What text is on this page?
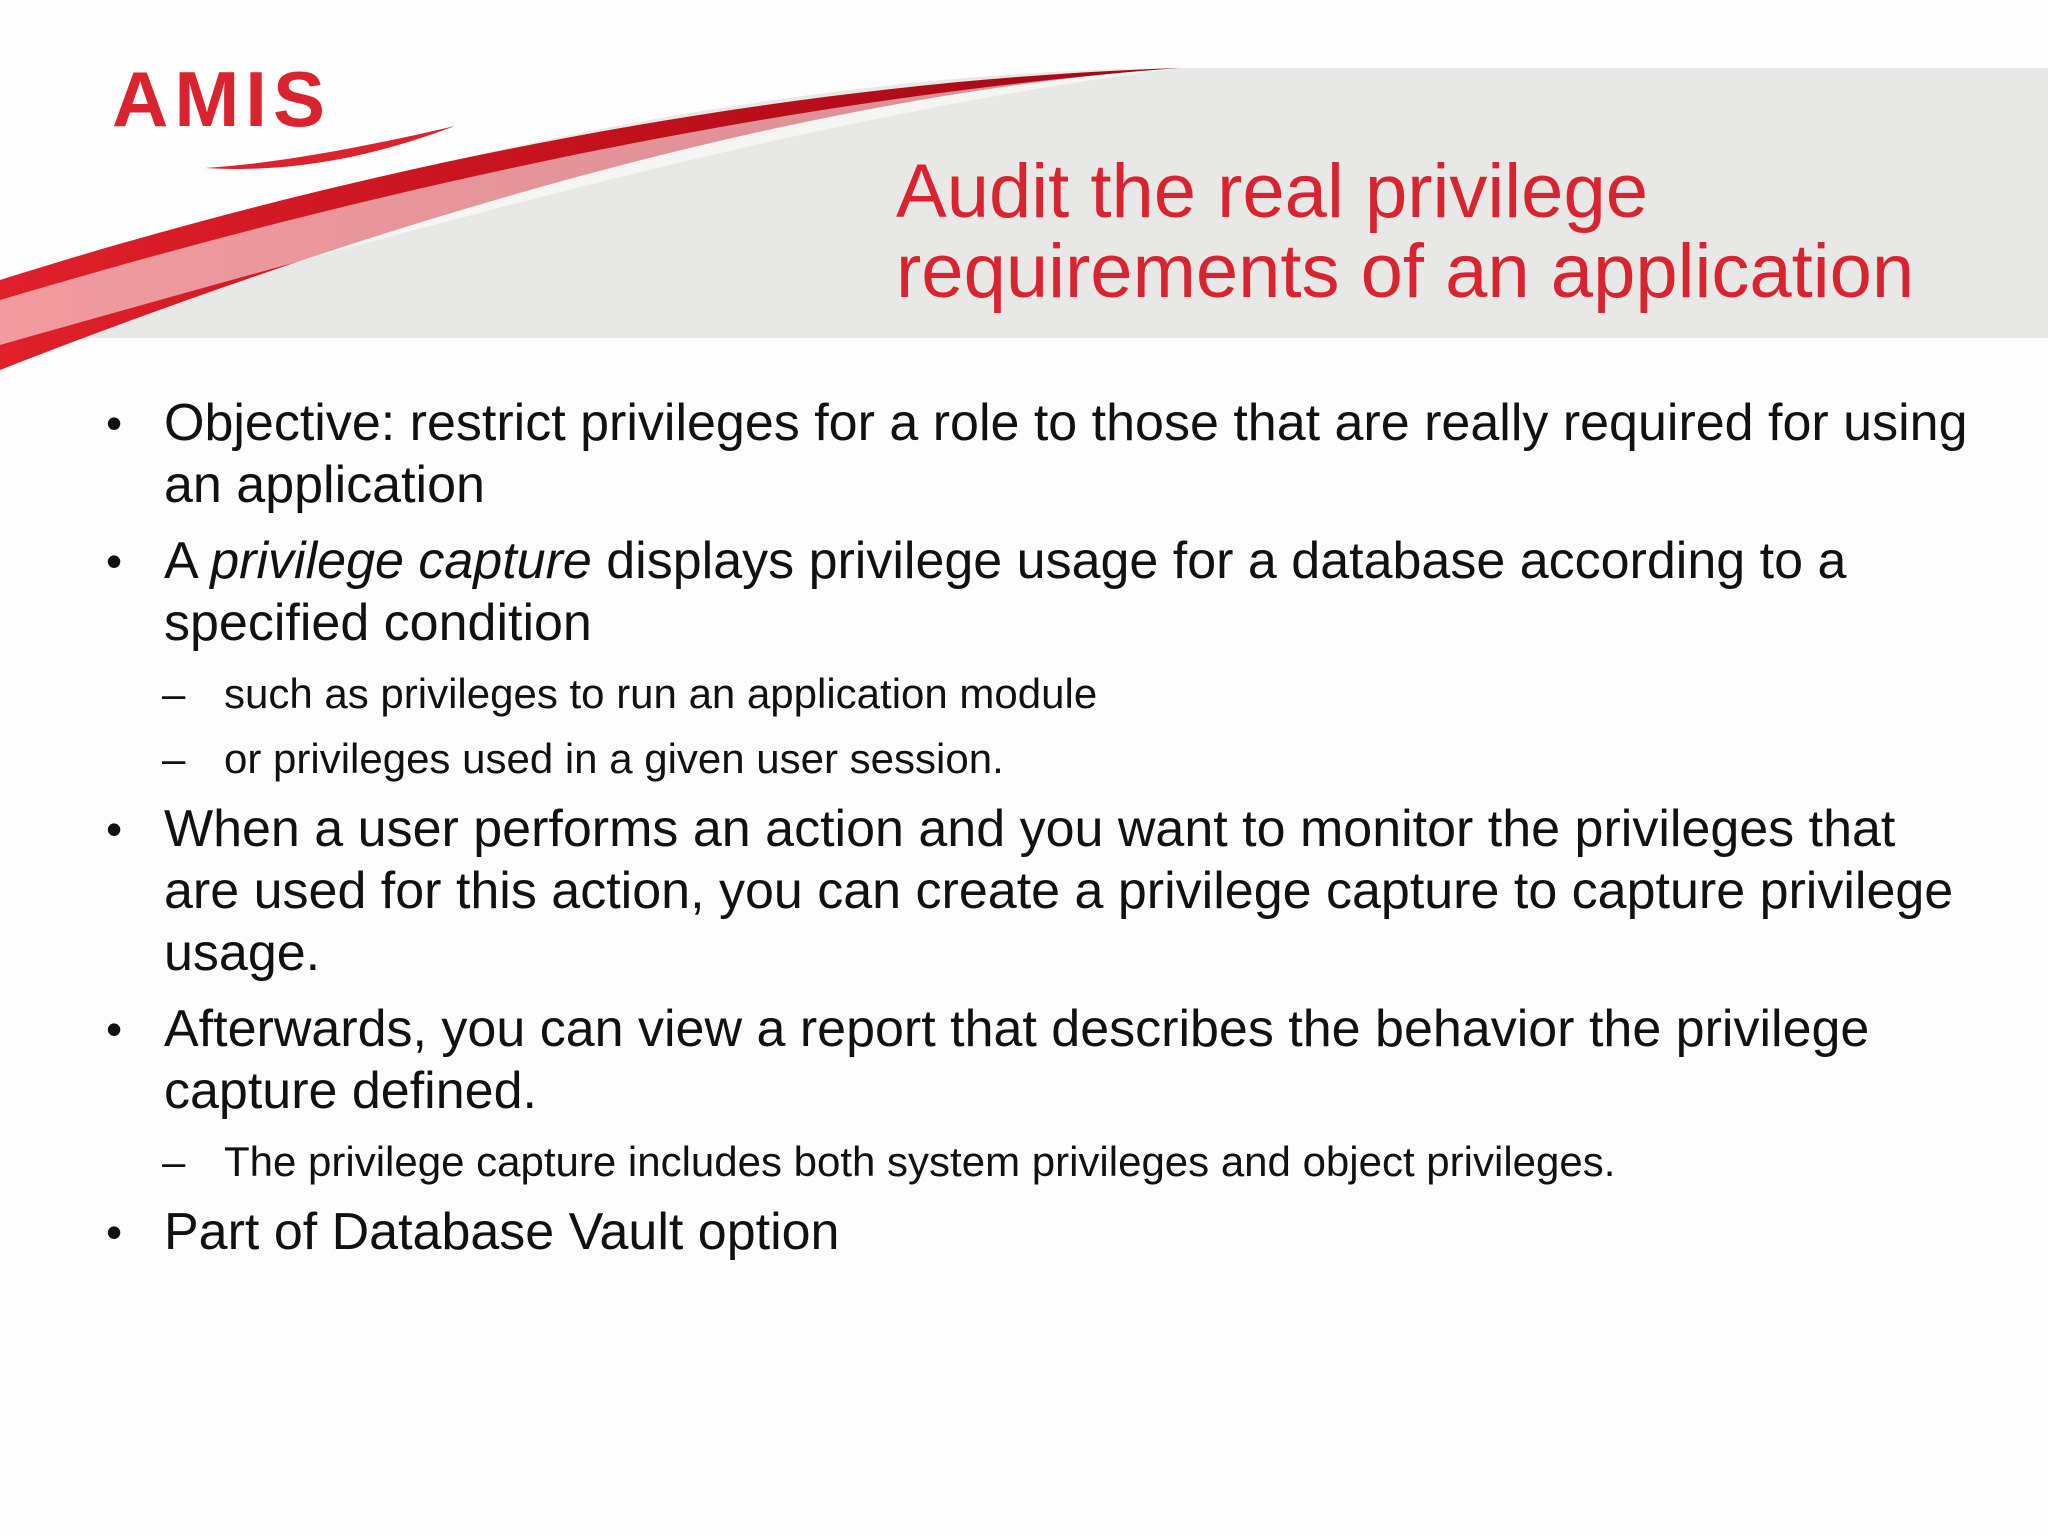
AMIS
Audit the real privilege
requirements of an application
• Objective: restrict privileges for a role to those that are really required for using an application
• A privilege capture displays privilege usage for a database according to a specified condition
– such as privileges to run an application module
– or privileges used in a given user session.
• When a user performs an action and you want to monitor the privileges that are used for this action, you can create a privilege capture to capture privilege usage.
• Afterwards, you can view a report that describes the behavior the privilege capture defined.
– The privilege capture includes both system privileges and object privileges.
• Part of Database Vault option
